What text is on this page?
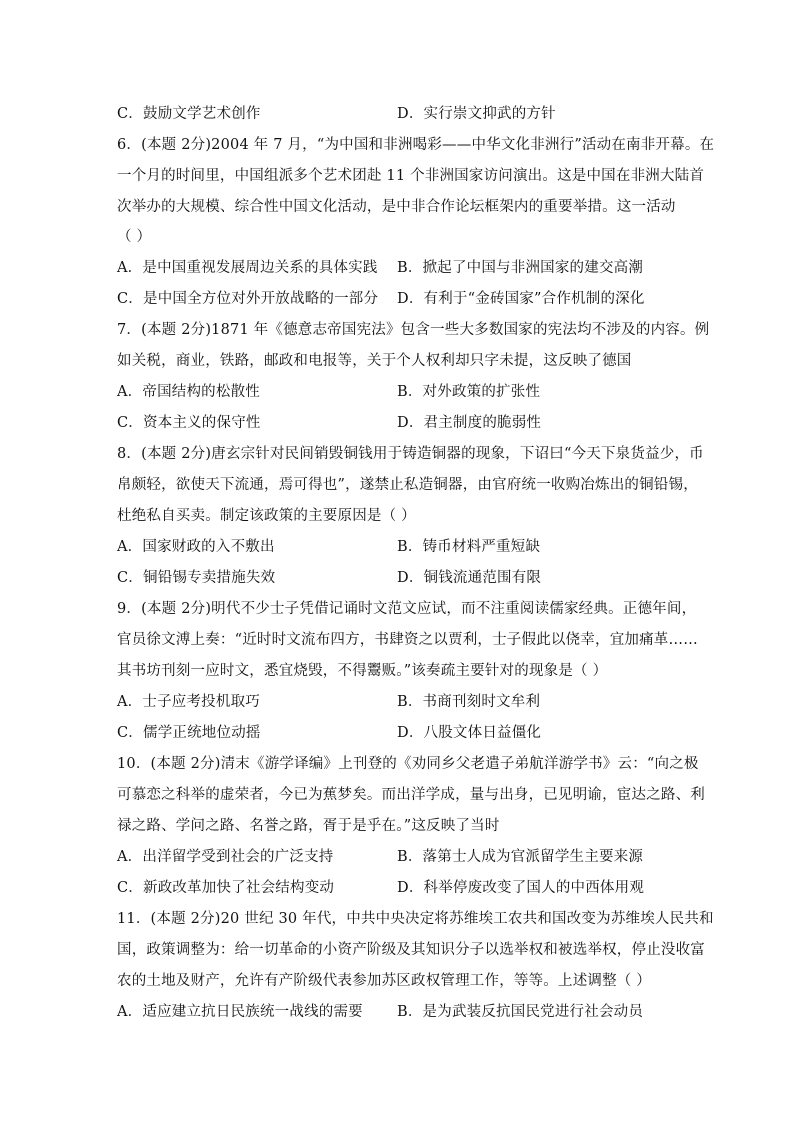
C．鼓励文学艺术创作	D．实行崇文抑武的方针
6．(本题 2分)2004 年 7 月，“为中国和非洲喝彩——中华文化非洲行”活动在南非开幕。在
一个月的时间里，中国组派多个艺术团赴 11 个非洲国家访问演出。这是中国在非洲大陆首
次举办的大规模、综合性中国文化活动，是中非合作论坛框架内的重要举措。这一活动
（ ）
A．是中国重视发展周边关系的具体实践 B．掀起了中国与非洲国家的建交高潮
C．是中国全方位对外开放战略的一部分 D．有利于“金砖国家”合作机制的深化
7．(本题 2分)1871 年《德意志帝国宪法》包含一些大多数国家的宪法均不涉及的内容。例
如关税，商业，铁路，邮政和电报等，关于个人权利却只字未提，这反映了德国
A．帝国结构的松散性	B．对外政策的扩张性
C．资本主义的保守性	D．君主制度的脆弱性
8．(本题 2分)唐玄宗针对民间销毁铜钱用于铸造铜器的现象，下诏曰“今天下泉货益少，币
帛颇轻，欲使天下流通，焉可得也”，遂禁止私造铜器，由官府统一收购冶炼出的铜铅锡，
杜绝私自买卖。制定该政策的主要原因是（ ）
A．国家财政的入不敷出	B．铸币材料严重短缺
C．铜铅锡专卖措施失效	D．铜钱流通范围有限
9．(本题 2分)明代不少士子凭借记诵时文范文应试，而不注重阅读儒家经典。正德年间，
官员徐文溥上奏：“近时时文流布四方，书肆资之以贾利，士子假此以侥幸，宜加痛革……
其书坊刊刻一应时文，悉宜烧毁，不得鬻贩。”该奏疏主要针对的现象是（ ）
A．士子应考投机取巧	B．书商刊刻时文牟利
C．儒学正统地位动摇	D．八股文体日益僵化
10．(本题 2分)清末《游学译编》上刊登的《劝同乡父老遣子弟航洋游学书》云：“向之极
可慕恋之科举的虚荣者，今已为蕉梦矣。而出洋学成，量与出身，已见明谕，宦达之路、利
禄之路、学问之路、名誉之路，胥于是乎在。”这反映了当时
A．出洋留学受到社会的广泛支持	B．落第士人成为官派留学生主要来源
C．新政改革加快了社会结构变动	D．科举停废改变了国人的中西体用观
11．(本题 2分)20 世纪 30 年代，中共中央决定将苏维埃工农共和国改变为苏维埃人民共和
国，政策调整为：给一切革命的小资产阶级及其知识分子以选举权和被选举权，停止没收富
农的土地及财产，允许有产阶级代表参加苏区政权管理工作，等等。上述调整（ ）
A．适应建立抗日民族统一战线的需要 B．是为武装反抗国民党进行社会动员
